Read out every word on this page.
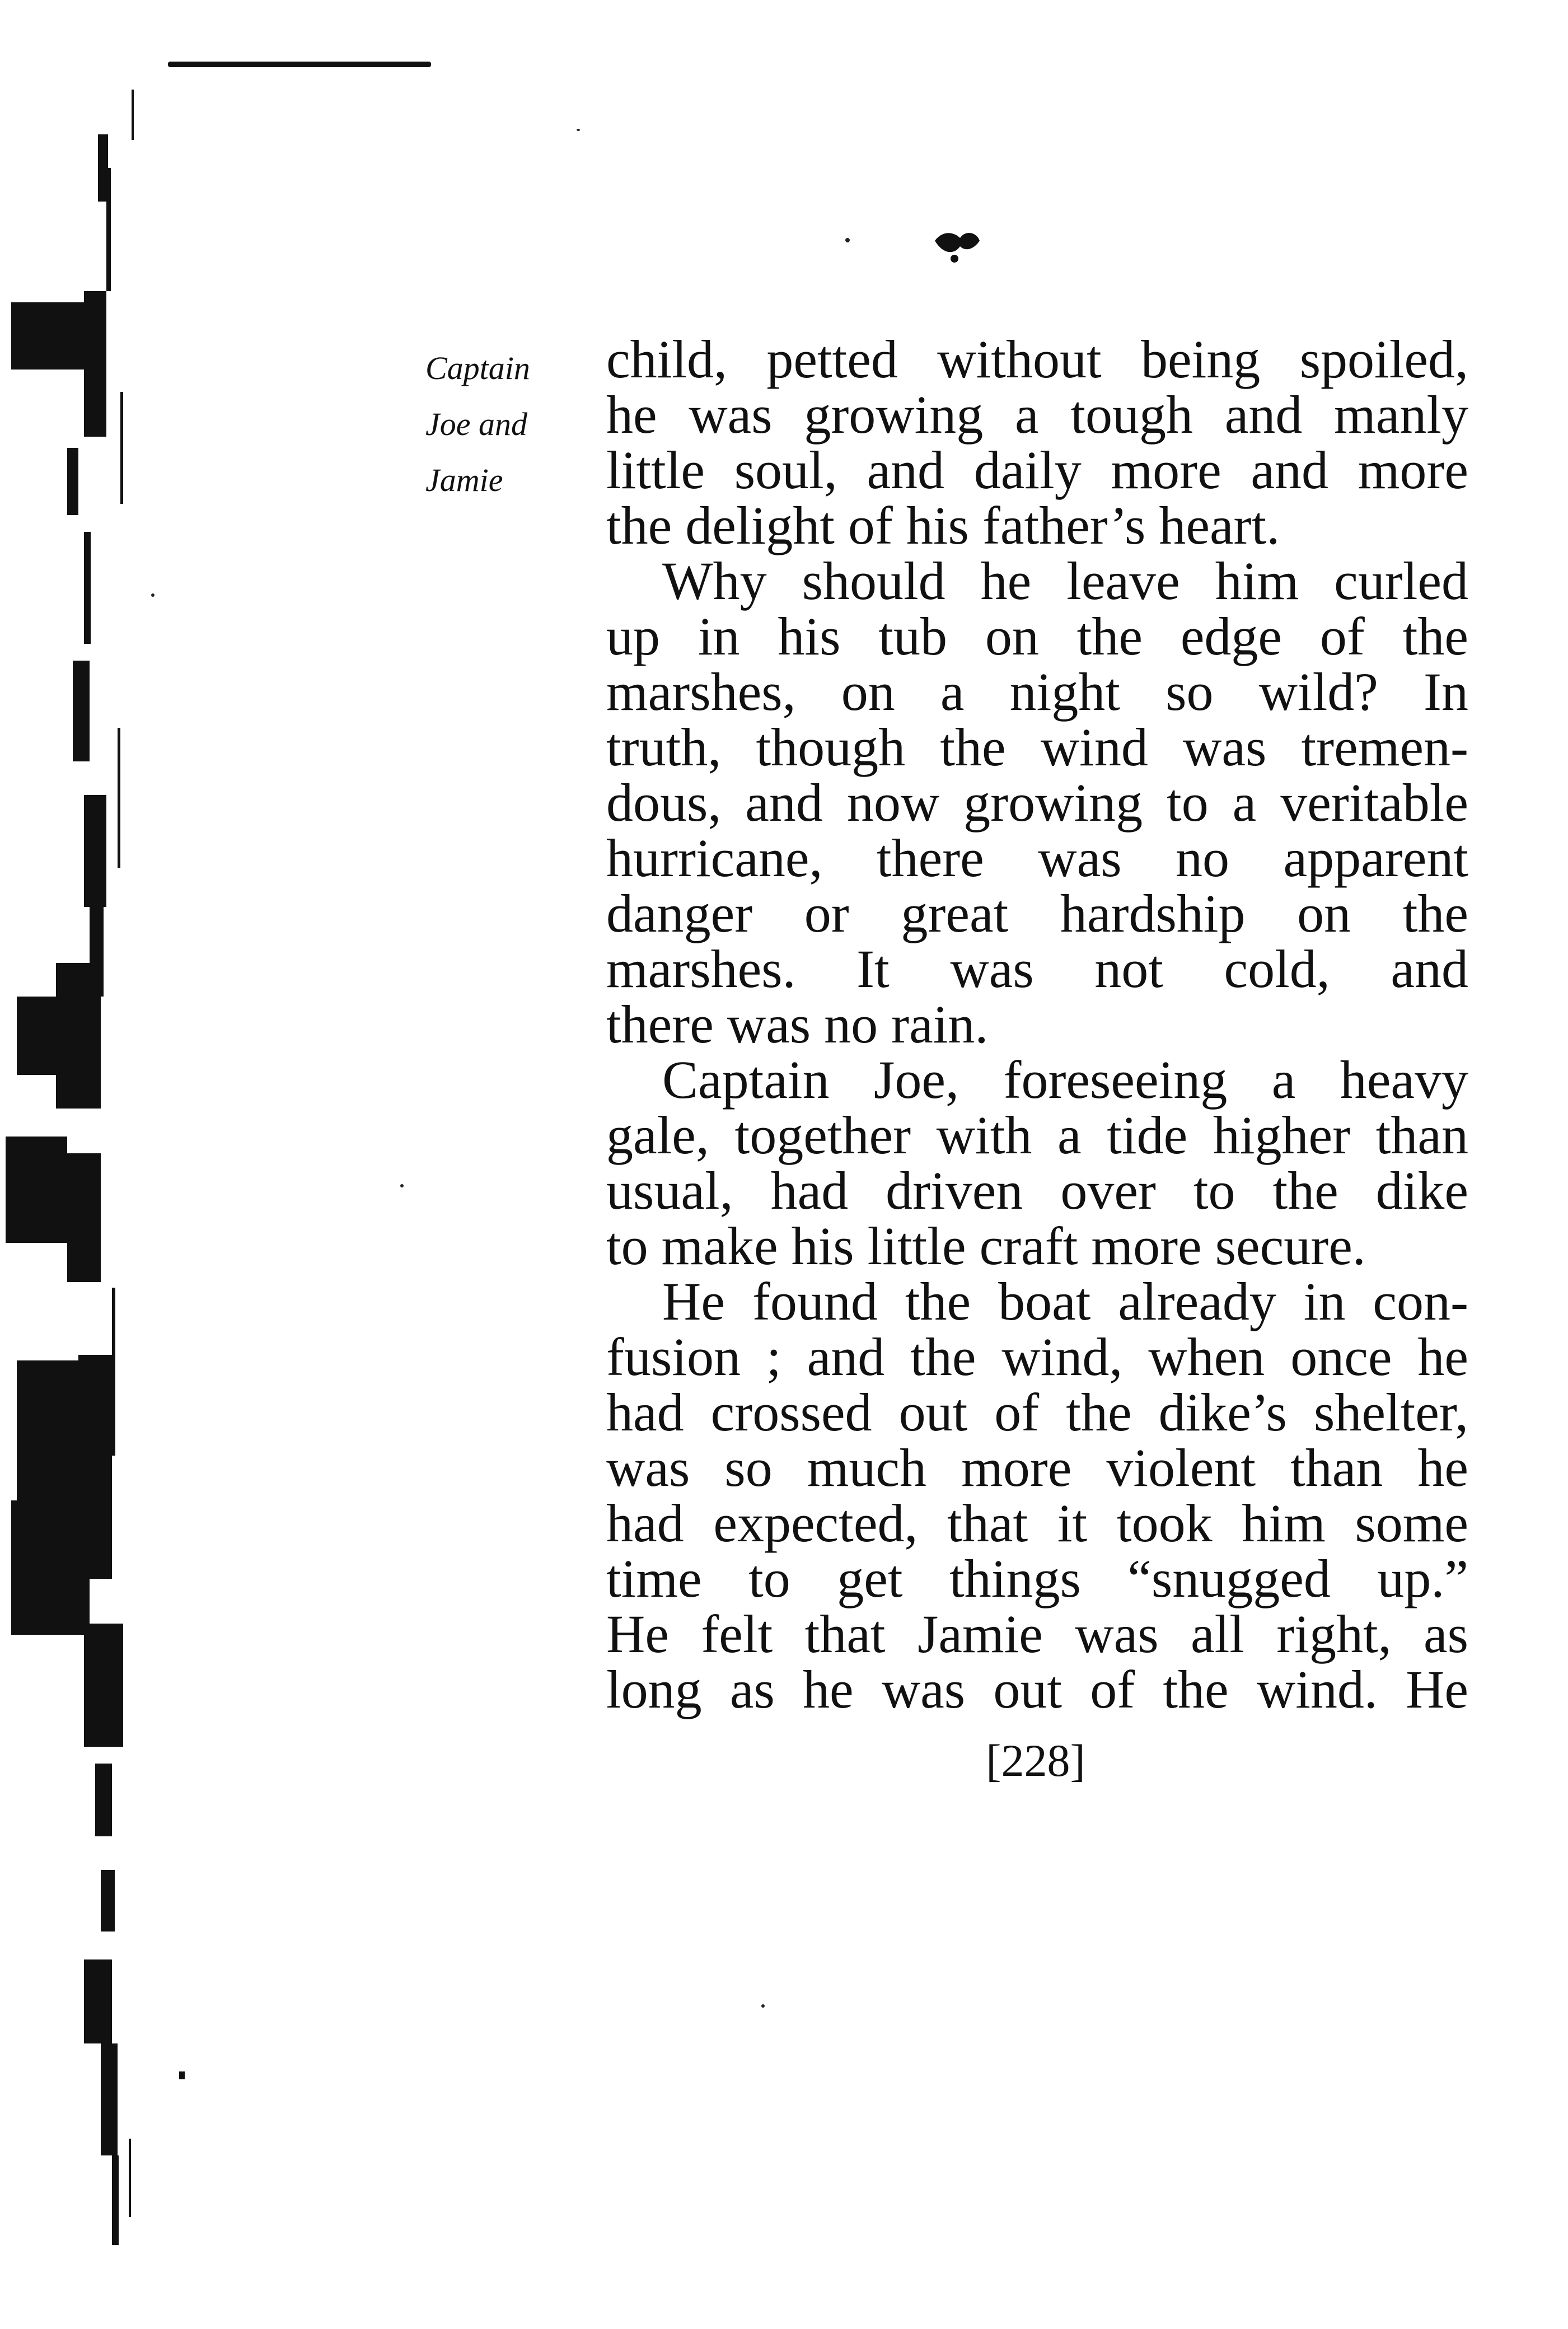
Captain
Joe and
Jamie
child, petted without being spoiled,
he was growing a tough and manly
little soul, and daily more and more
the delight of his father’s heart.
Why should he leave him curled
up in his tub on the edge of the
marshes, on a night so wild? In
truth, though the wind was tremen-
dous, and now growing to a veritable
hurricane, there was no apparent
danger or great hardship on the
marshes. It was not cold, and
there was no rain.
Captain Joe, foreseeing a heavy
gale, together with a tide higher than
usual, had driven over to the dike
to make his little craft more secure.
He found the boat already in con-
fusion ; and the wind, when once he
had crossed out of the dike’s shelter,
was so much more violent than he
had expected, that it took him some
time to get things “snugged up.”
He felt that Jamie was all right, as
long as he was out of the wind. He
[228]
